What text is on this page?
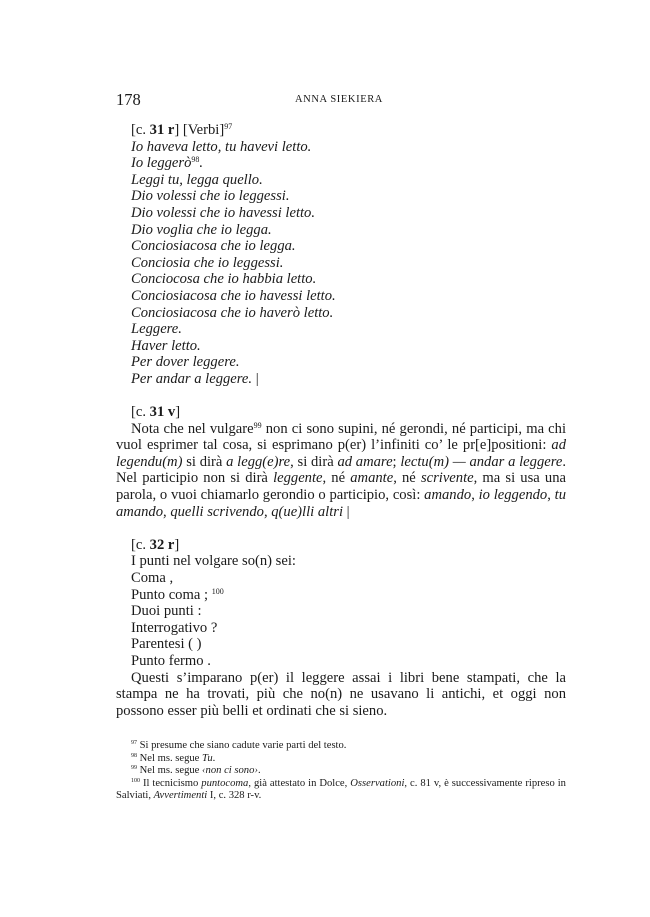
178	ANNA SIEKIERA
[c. 31 r] [Verbi]$^{97}$
Io haveva letto, tu havevi letto.
Io leggerò$^{98}$.
Leggi tu, legga quello.
Dio volessi che io leggessi.
Dio volessi che io havessi letto.
Dio voglia che io legga.
Conciosiacosa che io legga.
Conciosia che io leggessi.
Conciocosa che io habbia letto.
Conciosiacosa che io havessi letto.
Conciosiacosa che io haverò letto.
Leggere.
Haver letto.
Per dover leggere.
Per andar a leggere. |
[c. 31 v]
Nota che nel vulgare$^{99}$ non ci sono supini, né gerondi, né participi, ma chi vuol esprimer tal cosa, si esprimano p(er) l’infiniti co’ le pr[e]positioni: ad legendu(m) si dirà a legg(e)re, si dirà ad amare; lectu(m) — andar a leggere. Nel participio non si dirà leggente, né amante, né scrivente, ma si usa una parola, o vuoi chiamarlo gerondio o participio, così: amando, io leggendo, tu amando, quelli scrivendo, q(ue)lli altri |
[c. 32 r]
I punti nel volgare so(n) sei:
Coma ,
Punto coma ; $^{100}$
Duoi punti :
Interrogativo ?
Parentesi ( )
Punto fermo .
Questi s’imparano p(er) il leggere assai i libri bene stampati, che la stampa ne ha trovati, più che no(n) ne usavano li antichi, et oggi non possono esser più belli et ordinati che si sieno.
$^{97}$ Si presume che siano cadute varie parti del testo.
$^{98}$ Nel ms. segue Tu.
$^{99}$ Nel ms. segue ‹non ci sono›.
$^{100}$ Il tecnicismo puntocoma, già attestato in Dolce, Osservationi, c. 81 v, è successivamente ripreso in Salviati, Avvertimenti I, c. 328 r-v.
